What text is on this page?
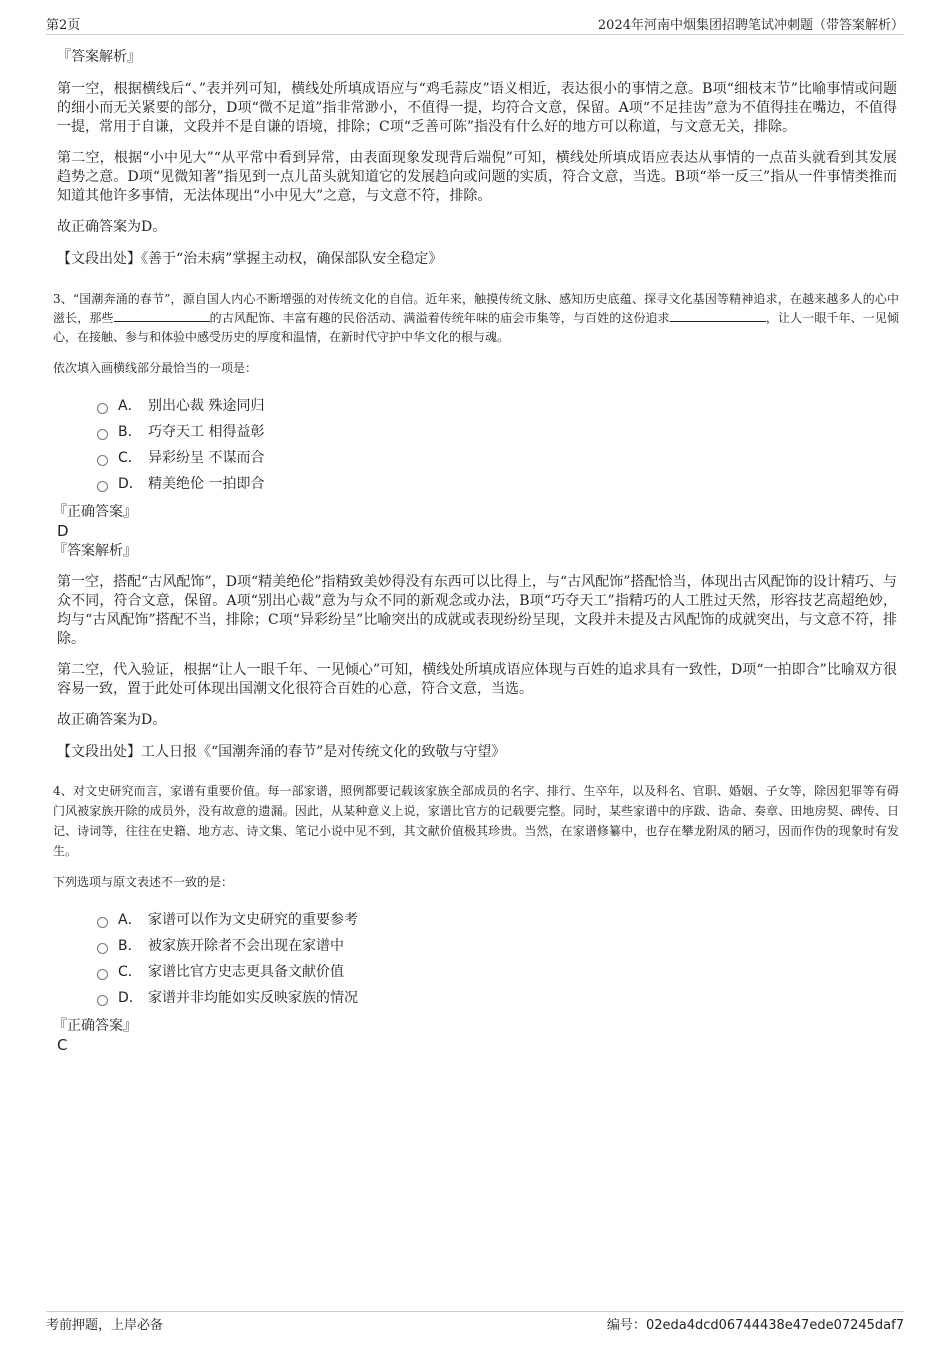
第2页	2024年河南中烟集团招聘笔试冲刺题（带答案解析）
『答案解析』

第一空，根据横线后“、”表并列可知，横线处所填成语应与“鸡毛蒜皮”语义相近，表达很小的事情之意。B项“细枝末节”比喻事情或问题的细小而无关紧要的部分，D项“微不足道”指非常渺小，不值得一提，均符合文意，保留。A项“不足挂齿”意为不值得挂在嘴边，不值得一提，常用于自谦，文段并不是自谦的语境，排除；C项“乏善可陈”指没有什么好的地方可以称道，与文意无关，排除。

第二空，根据“小中见大”“从平常中看到异常，由表面现象发现背后端倪”可知，横线处所填成语应表达从事情的一点苗头就看到其发展趋势之意。D项“见微知著”指见到一点儿苗头就知道它的发展趋向或问题的实质，符合文意，当选。B项“举一反三”指从一件事情类推而知道其他许多事情，无法体现出“小中见大”之意，与文意不符，排除。

故正确答案为D。
【文段出处】《善于“治未病”掌握主动权，确保部队安全稳定》

3、“国潮奔涌的春节”，源自国人内心不断增强的对传统文化的自信。近年来，触摸传统文脉、感知历史底蕴、探寻文化基因等精神追求，在越来越多人的心中滋长，那些	的古风配饰、丰富有趣的民俗活动、满溢着传统年味的庙会市集等，与百姓的这份追求	，让人一眼千年、一见倾心，在接触、参与和体验中感受历史的厚度和温情，在新时代守护中华文化的根与魂。

依次填入画横线部分最恰当的一项是：
A． 别出心裁 殊途同归
B． 巧夺天工 相得益彰
C． 异彩纷呈 不谋而合
D． 精美绝伦 一拍即合
『正确答案』
D
『答案解析』

第一空，搭配“古风配饰”，D项“精美绝伦”指精致美妙得没有东西可以比得上，与“古风配饰”搭配恰当，体现出古风配饰的设计精巧、与众不同，符合文意，保留。A项“别出心裁”意为与众不同的新观念或办法，B项“巧夺天工”指精巧的人工胜过天然，形容技艺高超绝妙，均与“古风配饰”搭配不当，排除；C项“异彩纷呈”比喻突出的成就或表现纷纷呈现，文段并未提及古风配饰的成就突出，与文意不符，排除。

第二空，代入验证，根据“让人一眼千年、一见倾心”可知，横线处所填成语应体现与百姓的追求具有一致性，D项“一拍即合”比喻双方很容易一致，置于此处可体现出国潮文化很符合百姓的心意，符合文意，当选。

故正确答案为D。
【文段出处】工人日报《“国潮奔涌的春节”是对传统文化的致敬与守望》

4、对文史研究而言，家谱有重要价值。每一部家谱，照例都要记载该家族全部成员的名字、排行、生卒年，以及科名、官职、婚姻、子女等，除因犯罪等有碍门风被家族开除的成员外，没有故意的遗漏。因此，从某种意义上说，家谱比官方的记载要完整。同时，某些家谱中的序跋、诰命、奏章、田地房契、碑传、日记、诗词等，往往在史籍、地方志、诗文集、笔记小说中见不到，其文献价值极其珍贵。当然，在家谱修纂中，也存在攀龙附凤的陋习，因而作伪的现象时有发生。

下列选项与原文表述不一致的是：
A． 家谱可以作为文史研究的重要参考
B． 被家族开除者不会出现在家谱中
C． 家谱比官方史志更具备文献价值
D． 家谱并非均能如实反映家族的情况
『正确答案』
C
考前押题，上岸必备	编号：02eda4dcd06744438e47ede07245daf7
